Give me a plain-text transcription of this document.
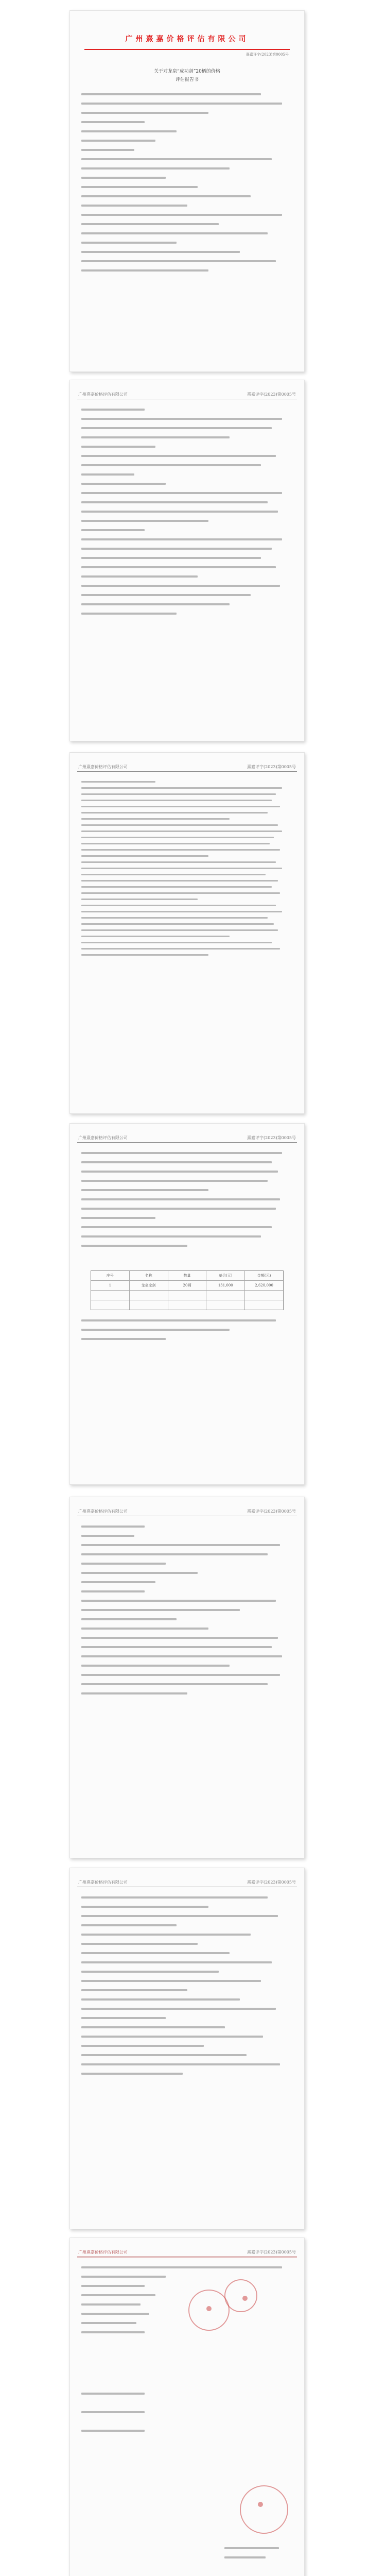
广州熹嘉价格评估有限公司
熹嘉评字(2023)第0005号
关于对龙泉“成功剑”20柄的价格
评估报告书
广州熹嘉价格评估有限公司	熹嘉评字(2023)第0005号
广州熹嘉价格评估有限公司	熹嘉评字(2023)第0005号
广州熹嘉价格评估有限公司	熹嘉评字(2023)第0005号
序号	名称	数量	单价(元)	金额(元)
1	龙泉宝剑	20柄	131,000	2,620,000
广州熹嘉价格评估有限公司	熹嘉评字(2023)第0005号
广州熹嘉价格评估有限公司	熹嘉评字(2023)第0005号
广州熹嘉价格评估有限公司	熹嘉评字(2023)第0005号
